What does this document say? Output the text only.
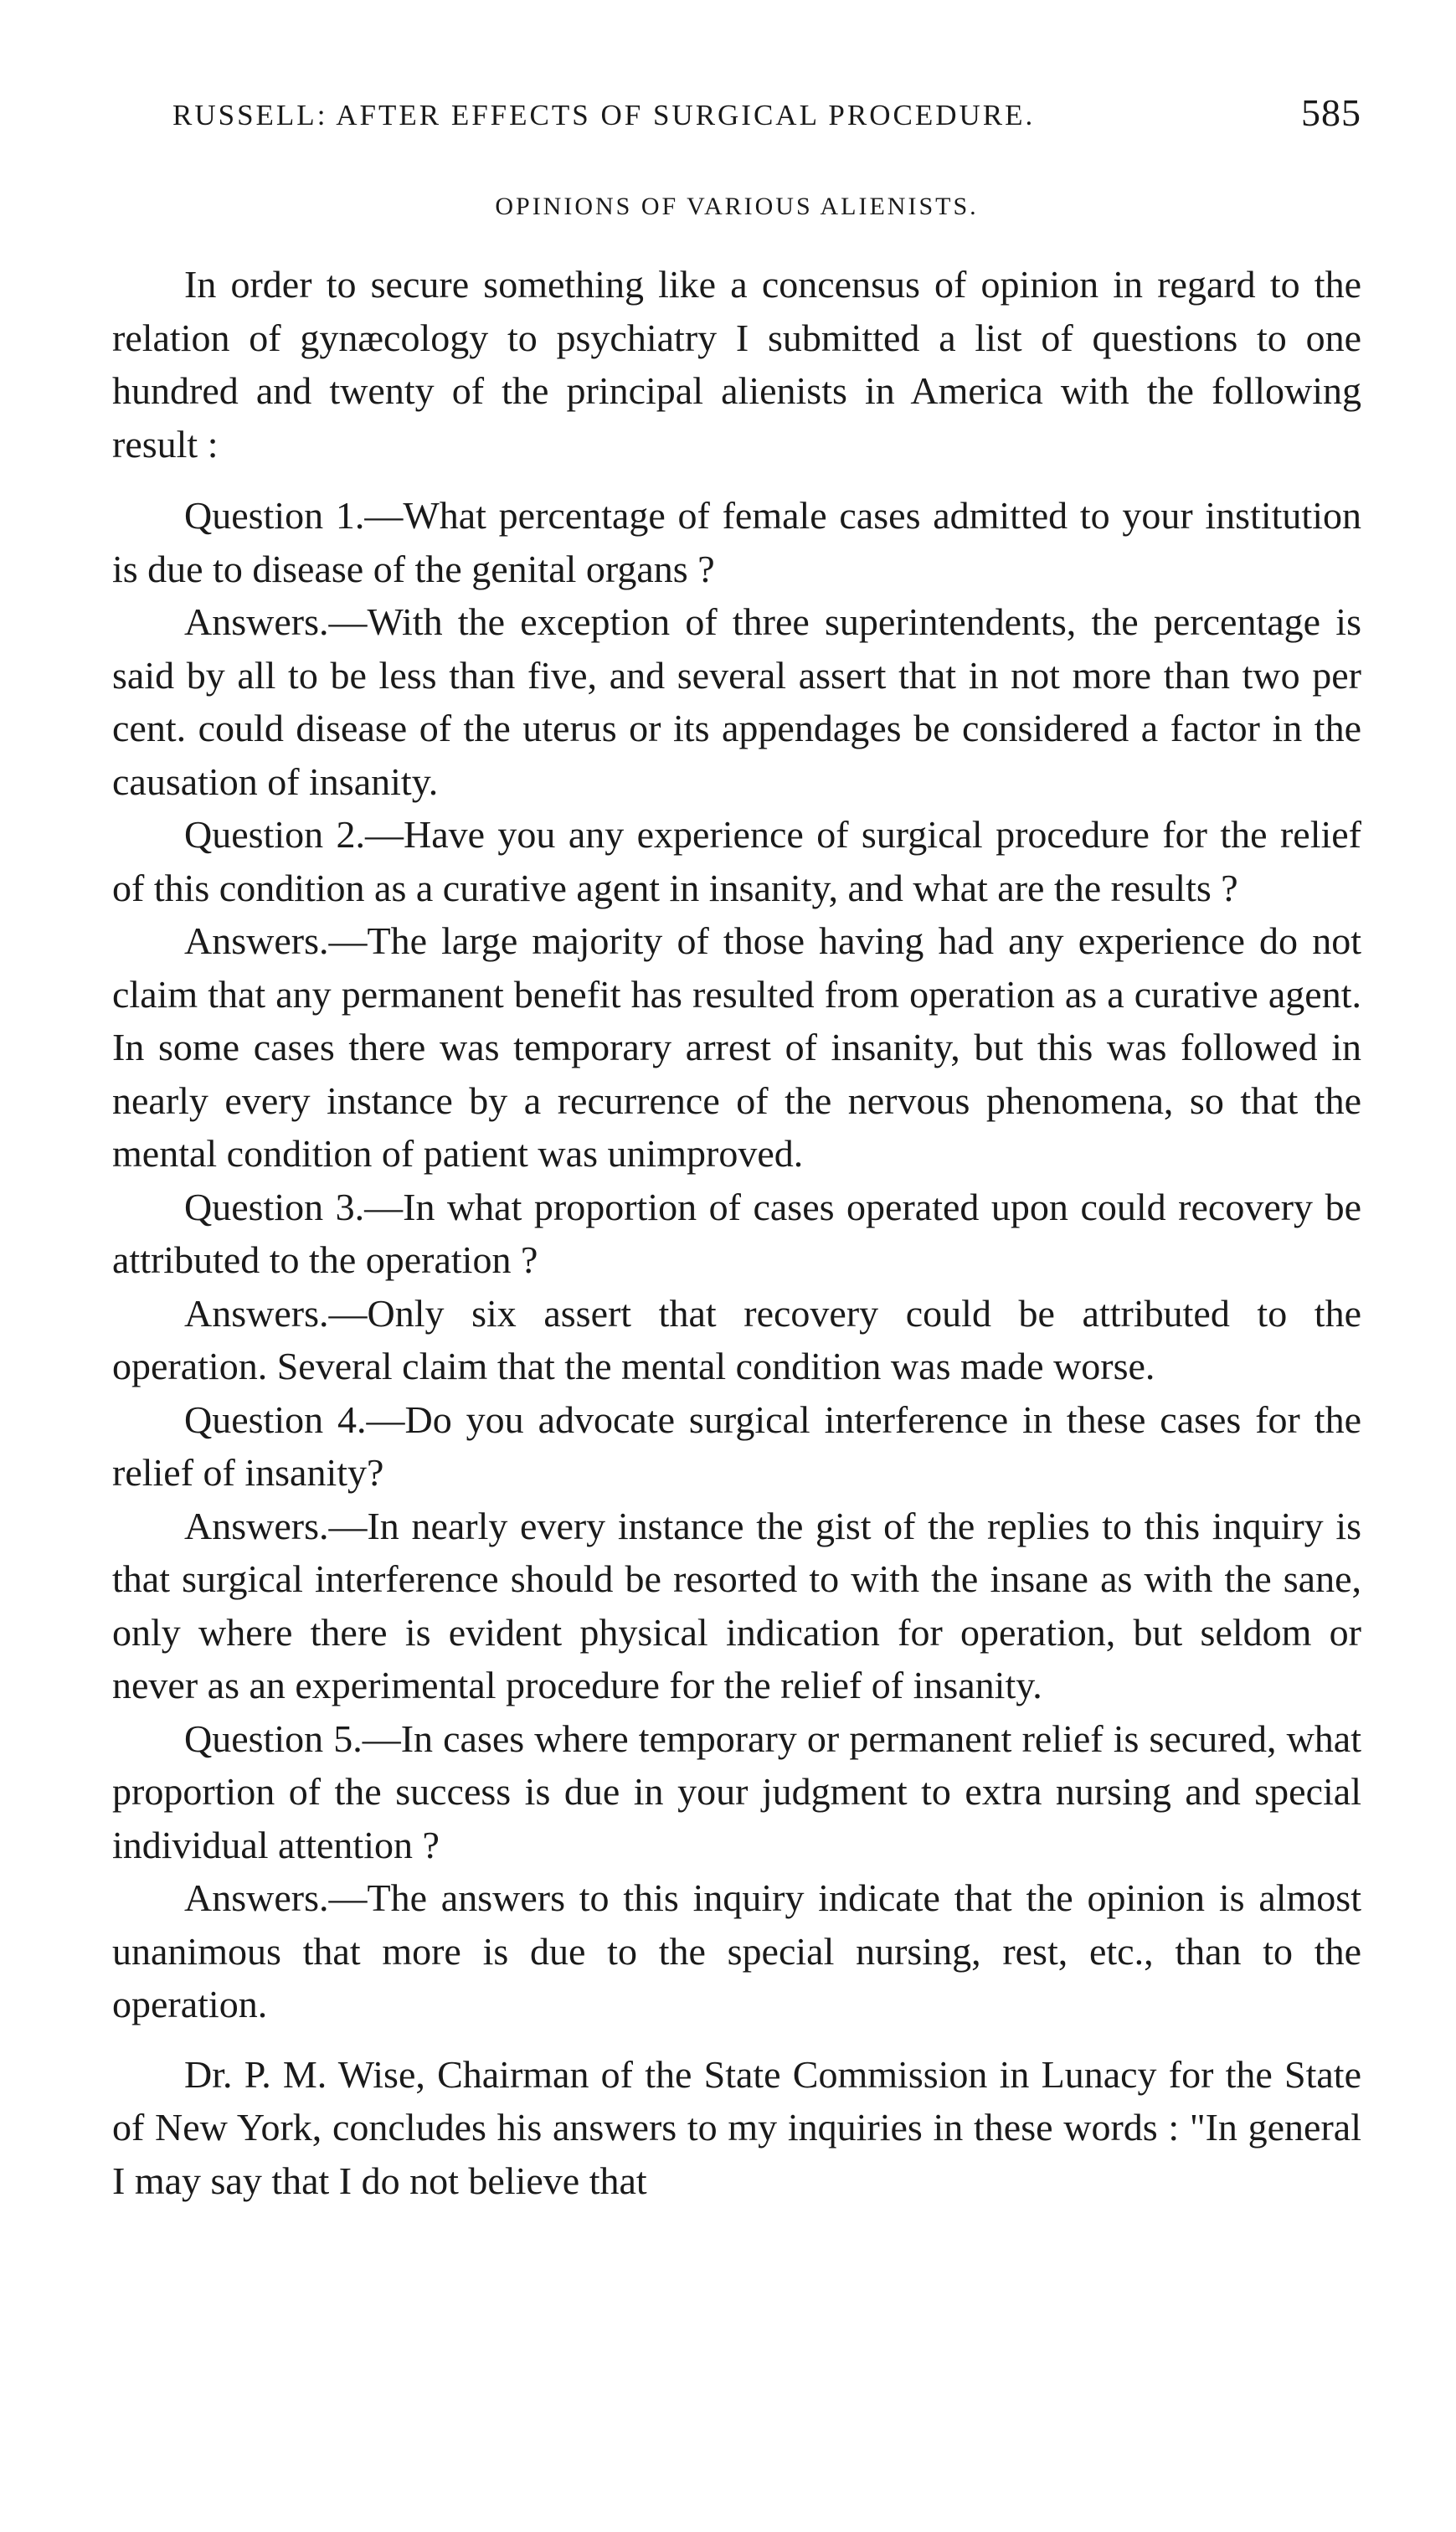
RUSSELL: AFTER EFFECTS OF SURGICAL PROCEDURE.	585
OPINIONS OF VARIOUS ALIENISTS.

In order to secure something like a concensus of opinion in regard to the relation of gynæcology to psychiatry I submitted a list of questions to one hundred and twenty of the principal alienists in America with the following result :

Question 1.—What percentage of female cases admitted to your institution is due to disease of the genital organs ?

Answers.—With the exception of three superintendents, the percentage is said by all to be less than five, and several assert that in not more than two per cent. could disease of the uterus or its appendages be considered a factor in the causation of insanity.

Question 2.—Have you any experience of surgical procedure for the relief of this condition as a curative agent in insanity, and what are the results ?

Answers.—The large majority of those having had any experience do not claim that any permanent benefit has resulted from operation as a curative agent. In some cases there was temporary arrest of insanity, but this was followed in nearly every instance by a recurrence of the nervous phenomena, so that the mental condition of patient was unimproved.

Question 3.—In what proportion of cases operated upon could recovery be attributed to the operation ?

Answers.—Only six assert that recovery could be attributed to the operation. Several claim that the mental condition was made worse.

Question 4.—Do you advocate surgical interference in these cases for the relief of insanity?

Answers.—In nearly every instance the gist of the replies to this inquiry is that surgical interference should be resorted to with the insane as with the sane, only where there is evident physical indication for operation, but seldom or never as an experimental procedure for the relief of insanity.

Question 5.—In cases where temporary or permanent relief is secured, what proportion of the success is due in your judgment to extra nursing and special individual attention ?

Answers.—The answers to this inquiry indicate that the opinion is almost unanimous that more is due to the special nursing, rest, etc., than to the operation.

Dr. P. M. Wise, Chairman of the State Commission in Lunacy for the State of New York, concludes his answers to my inquiries in these words : "In general I may say that I do not believe that
